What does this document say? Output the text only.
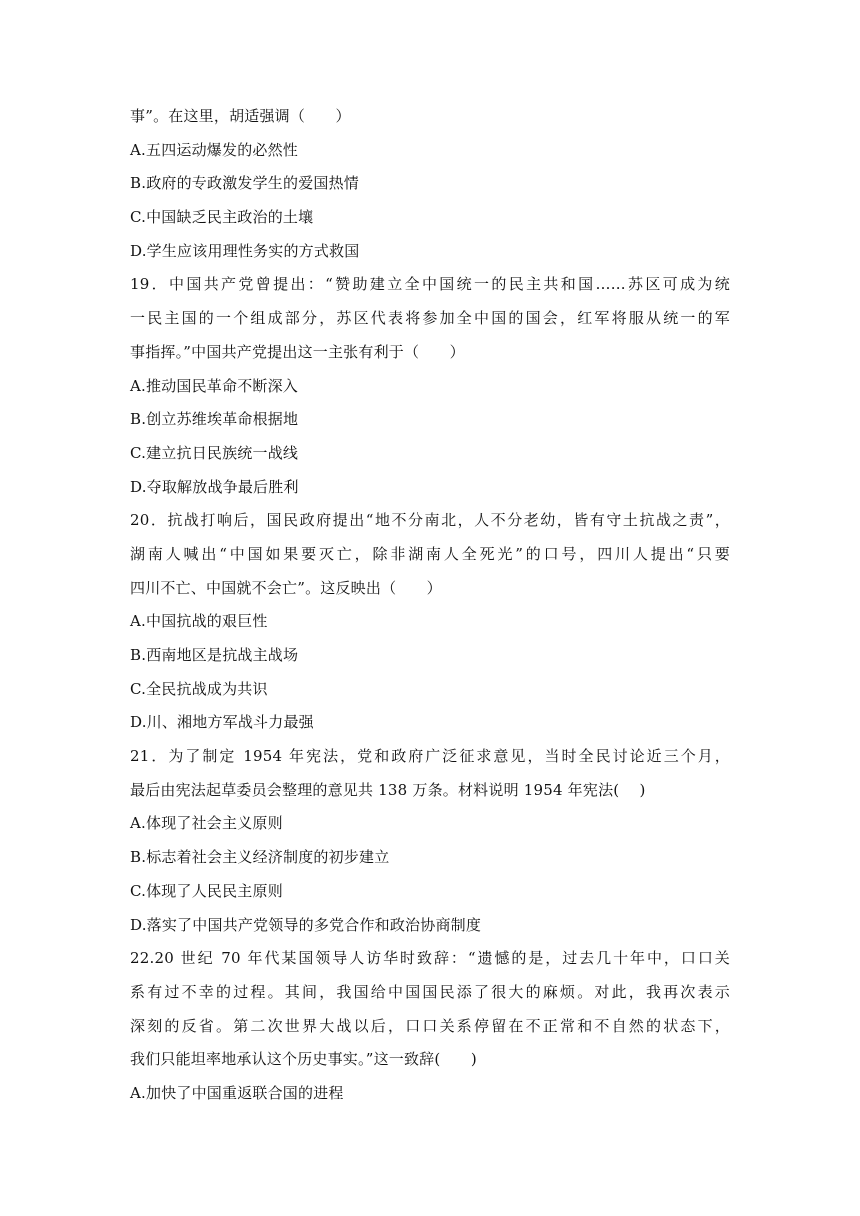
事”。在这里，胡适强调（　　）
A.五四运动爆发的必然性
B.政府的专政激发学生的爱国热情
C.中国缺乏民主政治的土壤
D.学生应该用理性务实的方式救国
19．中国共产党曾提出：“赞助建立全中国统一的民主共和国……苏区可成为统
一民主国的一个组成部分，苏区代表将参加全中国的国会，红军将服从统一的军
事指挥。”中国共产党提出这一主张有利于（　　）
A.推动国民革命不断深入
B.创立苏维埃革命根据地
C.建立抗日民族统一战线
D.夺取解放战争最后胜利
20．抗战打响后，国民政府提出“地不分南北，人不分老幼，皆有守土抗战之责”，
湖南人喊出“中国如果要灭亡，除非湖南人全死光”的口号，四川人提出“只要
四川不亡、中国就不会亡”。这反映出（　　）
A.中国抗战的艰巨性
B.西南地区是抗战主战场
C.全民抗战成为共识
D.川、湘地方军战斗力最强
21．为了制定 1954 年宪法，党和政府广泛征求意见，当时全民讨论近三个月，
最后由宪法起草委员会整理的意见共 138 万条。材料说明 1954 年宪法(　 )
A.体现了社会主义原则
B.标志着社会主义经济制度的初步建立
C.体现了人民民主原则
D.落实了中国共产党领导的多党合作和政治协商制度
22.20 世纪 70 年代某国领导人访华时致辞：“遗憾的是，过去几十年中，口口关
系有过不幸的过程。其间，我国给中国国民添了很大的麻烦。对此，我再次表示
深刻的反省。第二次世界大战以后，口口关系停留在不正常和不自然的状态下，
我们只能坦率地承认这个历史事实。”这一致辞(　　)
A.加快了中国重返联合国的进程
